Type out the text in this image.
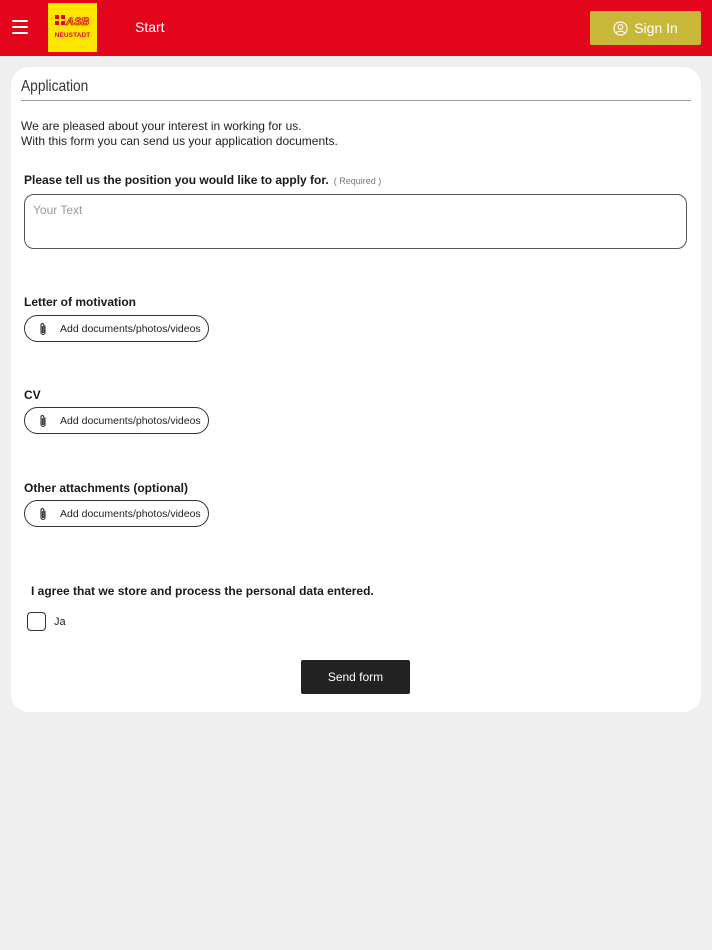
ASB
NEUSTADT
Start	Sign In
Application
We are pleased about your interest in working for us.
With this form you can send us your application documents.
Please tell us the position you would like to apply for. ( Required )
Your Text
Letter of motivation
Add documents/photos/videos
CV
Add documents/photos/videos
Other attachments (optional)
Add documents/photos/videos
I agree that we store and process the personal data entered.
Ja
Send form
